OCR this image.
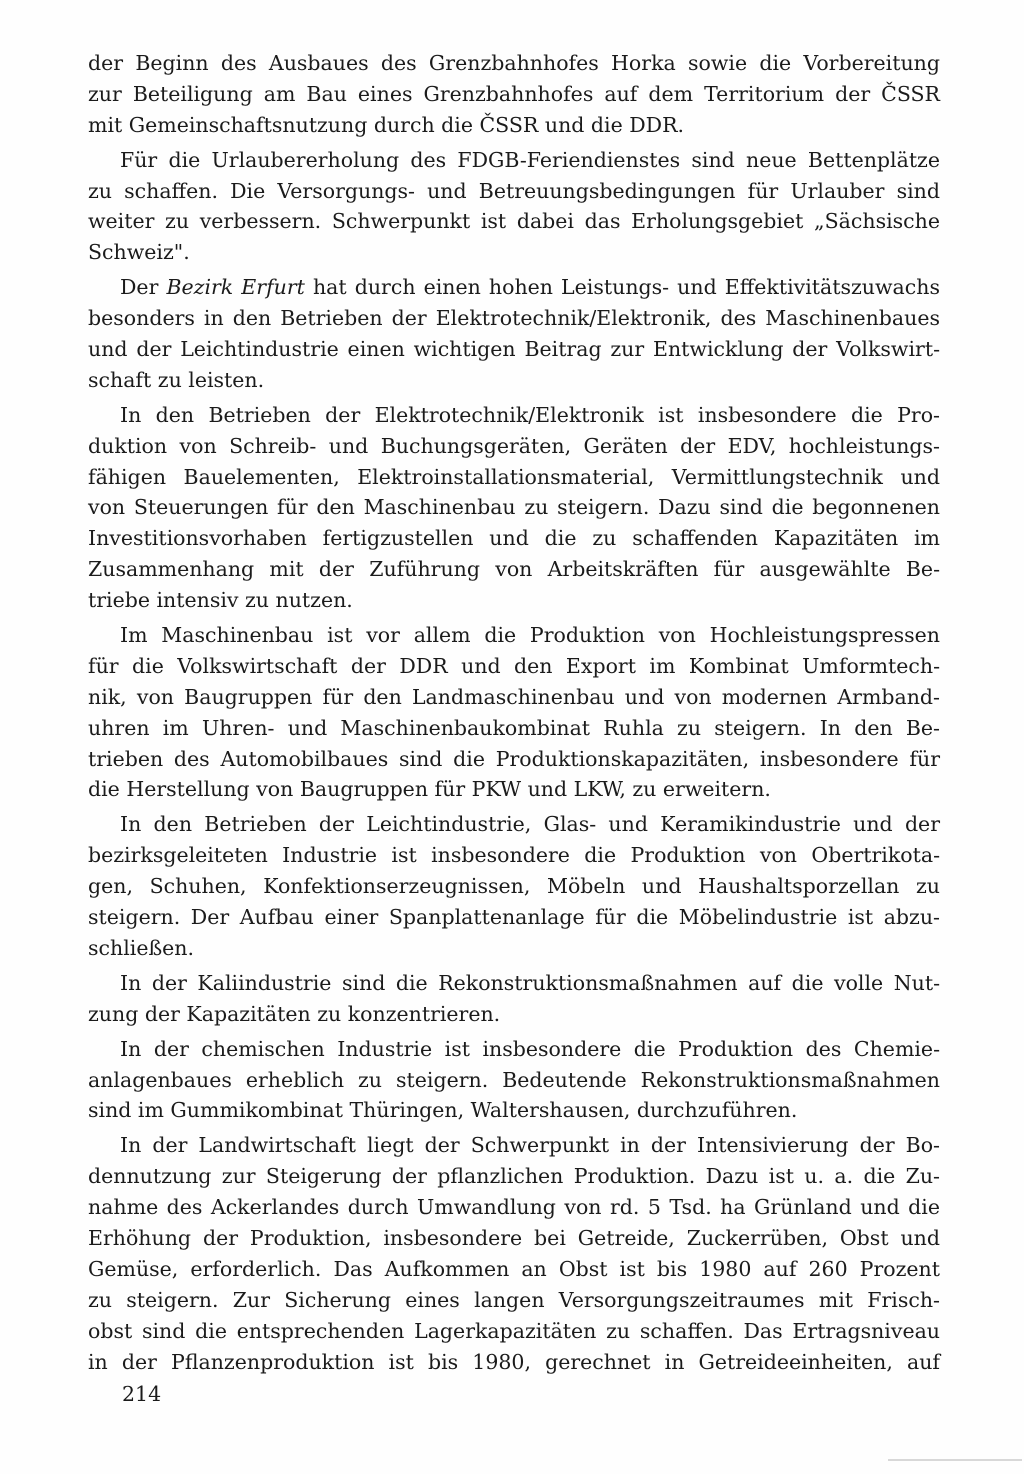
der Beginn des Ausbaues des Grenzbahnhofes Horka sowie die Vorbereitung
zur Beteiligung am Bau eines Grenzbahnhofes auf dem Territorium der ČSSR
mit Gemeinschaftsnutzung durch die ČSSR und die DDR.
Für die Urlaubererholung des FDGB-Feriendienstes sind neue Bettenplätze
zu schaffen. Die Versorgungs- und Betreuungsbedingungen für Urlauber sind
weiter zu verbessern. Schwerpunkt ist dabei das Erholungsgebiet „Sächsische
Schweiz".
Der Bezirk Erfurt hat durch einen hohen Leistungs- und Effektivitätszuwachs
besonders in den Betrieben der Elektrotechnik/Elektronik, des Maschinenbaues
und der Leichtindustrie einen wichtigen Beitrag zur Entwicklung der Volkswirt-
schaft zu leisten.
In den Betrieben der Elektrotechnik/Elektronik ist insbesondere die Pro-
duktion von Schreib- und Buchungsgeräten, Geräten der EDV, hochleistungs-
fähigen Bauelementen, Elektroinstallationsmaterial, Vermittlungstechnik und
von Steuerungen für den Maschinenbau zu steigern. Dazu sind die begonnenen
Investitionsvorhaben fertigzustellen und die zu schaffenden Kapazitäten im
Zusammenhang mit der Zuführung von Arbeitskräften für ausgewählte Be-
triebe intensiv zu nutzen.
Im Maschinenbau ist vor allem die Produktion von Hochleistungspressen
für die Volkswirtschaft der DDR und den Export im Kombinat Umformtech-
nik, von Baugruppen für den Landmaschinenbau und von modernen Armband-
uhren im Uhren- und Maschinenbaukombinat Ruhla zu steigern. In den Be-
trieben des Automobilbaues sind die Produktionskapazitäten, insbesondere für
die Herstellung von Baugruppen für PKW und LKW, zu erweitern.
In den Betrieben der Leichtindustrie, Glas- und Keramikindustrie und der
bezirksgeleiteten Industrie ist insbesondere die Produktion von Obertrikota-
gen, Schuhen, Konfektionserzeugnissen, Möbeln und Haushaltsporzellan zu
steigern. Der Aufbau einer Spanplattenanlage für die Möbelindustrie ist abzu-
schließen.
In der Kaliindustrie sind die Rekonstruktionsmaßnahmen auf die volle Nut-
zung der Kapazitäten zu konzentrieren.
In der chemischen Industrie ist insbesondere die Produktion des Chemie-
anlagenbaues erheblich zu steigern. Bedeutende Rekonstruktionsmaßnahmen
sind im Gummikombinat Thüringen, Waltershausen, durchzuführen.
In der Landwirtschaft liegt der Schwerpunkt in der Intensivierung der Bo-
dennutzung zur Steigerung der pflanzlichen Produktion. Dazu ist u. a. die Zu-
nahme des Ackerlandes durch Umwandlung von rd. 5 Tsd. ha Grünland und die
Erhöhung der Produktion, insbesondere bei Getreide, Zuckerrüben, Obst und
Gemüse, erforderlich. Das Aufkommen an Obst ist bis 1980 auf 260 Prozent
zu steigern. Zur Sicherung eines langen Versorgungszeitraumes mit Frisch-
obst sind die entsprechenden Lagerkapazitäten zu schaffen. Das Ertragsniveau
in der Pflanzenproduktion ist bis 1980, gerechnet in Getreideeinheiten, auf
214
